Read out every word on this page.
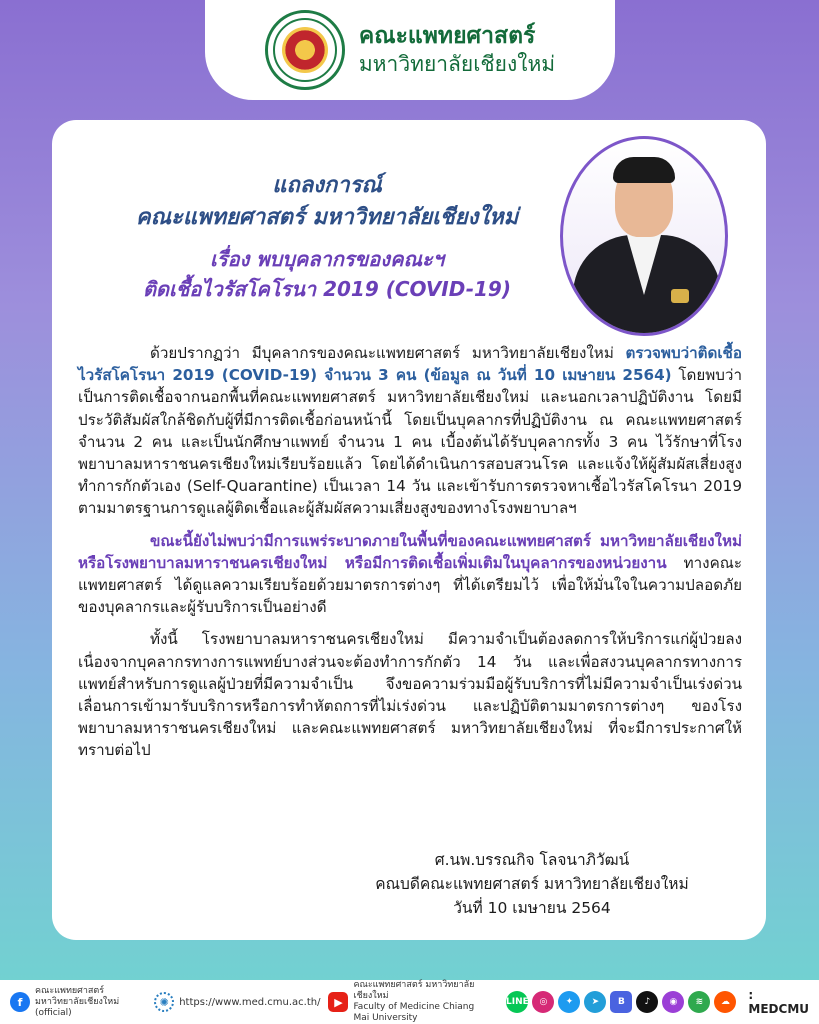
คณะแพทยศาสตร์
มหาวิทยาลัยเชียงใหม่
แถลงการณ์
คณะแพทยศาสตร์ มหาวิทยาลัยเชียงใหม่
เรื่อง พบบุคลากรของคณะฯ
ติดเชื้อไวรัสโคโรนา 2019 (COVID-19)

ด้วยปรากฏว่า มีบุคลากรของคณะแพทยศาสตร์ มหาวิทยาลัยเชียงใหม่ ตรวจพบว่าติดเชื้อไวรัสโคโรนา 2019 (COVID-19) จำนวน 3 คน (ข้อมูล ณ วันที่ 10 เมษายน 2564) โดยพบว่าเป็นการติดเชื้อจากนอกพื้นที่คณะแพทยศาสตร์ มหาวิทยาลัยเชียงใหม่ และนอกเวลาปฏิบัติงาน โดยมีประวัติสัมผัสใกล้ชิดกับผู้ที่มีการติดเชื้อก่อนหน้านี้ โดยเป็นบุคลากรที่ปฏิบัติงาน ณ คณะแพทยศาสตร์ จำนวน 2 คน และเป็นนักศึกษาแพทย์ จำนวน 1 คน เบื้องต้นได้รับบุคลากรทั้ง 3 คน ไว้รักษาที่โรงพยาบาลมหาราชนครเชียงใหม่เรียบร้อยแล้ว โดยได้ดำเนินการสอบสวนโรค และแจ้งให้ผู้สัมผัสเสี่ยงสูงทำการกักตัวเอง (Self-Quarantine) เป็นเวลา 14 วัน และเข้ารับการตรวจหาเชื้อไวรัสโคโรนา 2019 ตามมาตรฐานการดูแลผู้ติดเชื้อและผู้สัมผัสความเสี่ยงสูงของทางโรงพยาบาลฯ

ขณะนี้ยังไม่พบว่ามีการแพร่ระบาดภายในพื้นที่ของคณะแพทยศาสตร์ มหาวิทยาลัยเชียงใหม่ หรือโรงพยาบาลมหาราชนครเชียงใหม่ หรือมีการติดเชื้อเพิ่มเติมในบุคลากรของหน่วยงาน ทางคณะแพทยศาสตร์ ได้ดูแลความเรียบร้อยด้วยมาตรการต่างๆ ที่ได้เตรียมไว้ เพื่อให้มั่นใจในความปลอดภัยของบุคลากรและผู้รับบริการเป็นอย่างดี

ทั้งนี้ โรงพยาบาลมหาราชนครเชียงใหม่ มีความจำเป็นต้องลดการให้บริการแก่ผู้ป่วยลง เนื่องจากบุคลากรทางการแพทย์บางส่วนจะต้องทำการกักตัว 14 วัน และเพื่อสงวนบุคลากรทางการแพทย์สำหรับการดูแลผู้ป่วยที่มีความจำเป็น จึงขอความร่วมมือผู้รับบริการที่ไม่มีความจำเป็นเร่งด่วน เลื่อนการเข้ามารับบริการหรือการทำหัตถการที่ไม่เร่งด่วน และปฏิบัติตามมาตรการต่างๆ ของโรงพยาบาลมหาราชนครเชียงใหม่ และคณะแพทยศาสตร์ มหาวิทยาลัยเชียงใหม่ ที่จะมีการประกาศให้ทราบต่อไป

ศ.นพ.บรรณกิจ โลจนาภิวัฒน์
คณบดีคณะแพทยศาสตร์ มหาวิทยาลัยเชียงใหม่
วันที่ 10 เมษายน 2564
f
คณะแพทยศาสตร์ มหาวิทยาลัยเชียงใหม่
(official)
✺	https://www.med.cmu.ac.th/	▶
คณะแพทยศาสตร์ มหาวิทยาลัยเชียงใหม่
Faculty of Medicine Chiang Mai University
LINE	◎	✦	➤	B	♪	◉	≋	☁	: MEDCMU
